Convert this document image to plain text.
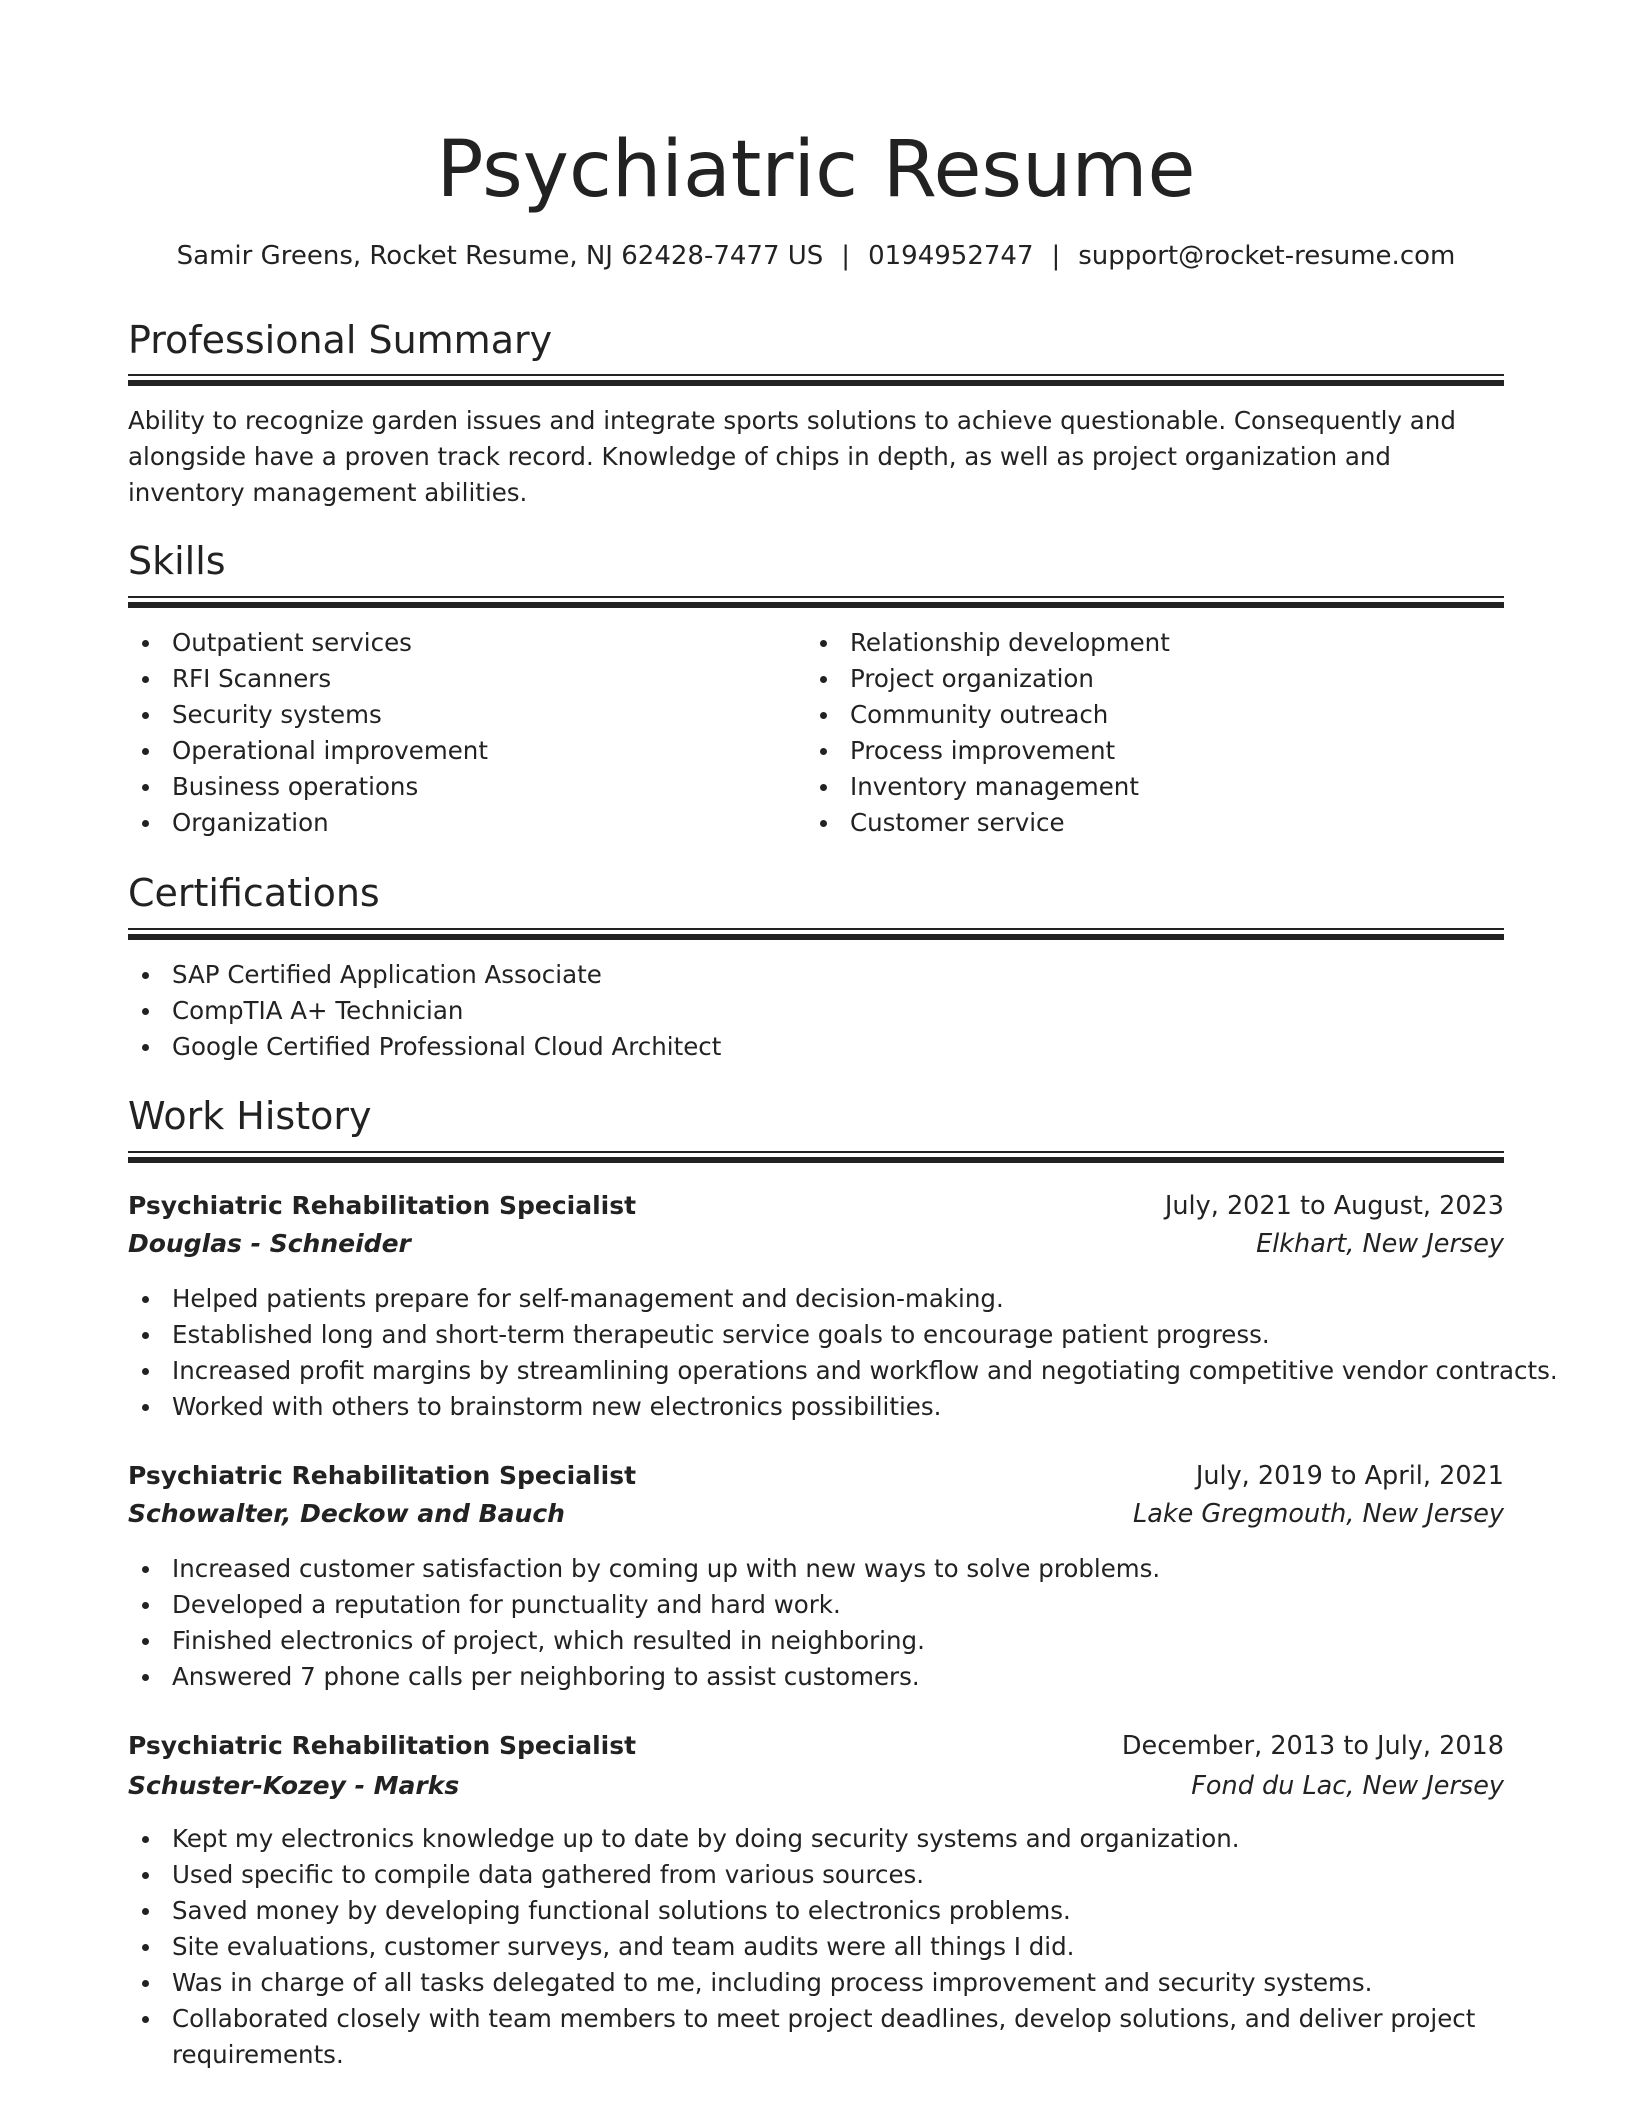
Psychiatric Resume
Samir Greens, Rocket Resume, NJ 62428-7477 US | 0194952747 | support@rocket-resume.com
Professional Summary

Ability to recognize garden issues and integrate sports solutions to achieve questionable. Consequently and alongside have a proven track record. Knowledge of chips in depth, as well as project organization and inventory management abilities.

Skills
Outpatient services
RFI Scanners
Security systems
Operational improvement
Business operations
Organization
Relationship development
Project organization
Community outreach
Process improvement
Inventory management
Customer service
Certifications
SAP Certified Application Associate
CompTIA A+ Technician
Google Certified Professional Cloud Architect
Work History
Psychiatric Rehabilitation Specialist	July, 2021 to August, 2023
Douglas - Schneider	Elkhart, New Jersey
Helped patients prepare for self-management and decision-making.
Established long and short-term therapeutic service goals to encourage patient progress.
Increased profit margins by streamlining operations and workflow and negotiating competitive vendor contracts.
Worked with others to brainstorm new electronics possibilities.
Psychiatric Rehabilitation Specialist	July, 2019 to April, 2021
Schowalter, Deckow and Bauch	Lake Gregmouth, New Jersey
Increased customer satisfaction by coming up with new ways to solve problems.
Developed a reputation for punctuality and hard work.
Finished electronics of project, which resulted in neighboring.
Answered 7 phone calls per neighboring to assist customers.
Psychiatric Rehabilitation Specialist	December, 2013 to July, 2018
Schuster-Kozey - Marks	Fond du Lac, New Jersey
Kept my electronics knowledge up to date by doing security systems and organization.
Used specific to compile data gathered from various sources.
Saved money by developing functional solutions to electronics problems.
Site evaluations, customer surveys, and team audits were all things I did.
Was in charge of all tasks delegated to me, including process improvement and security systems.
Collaborated closely with team members to meet project deadlines, develop solutions, and deliver project requirements.
